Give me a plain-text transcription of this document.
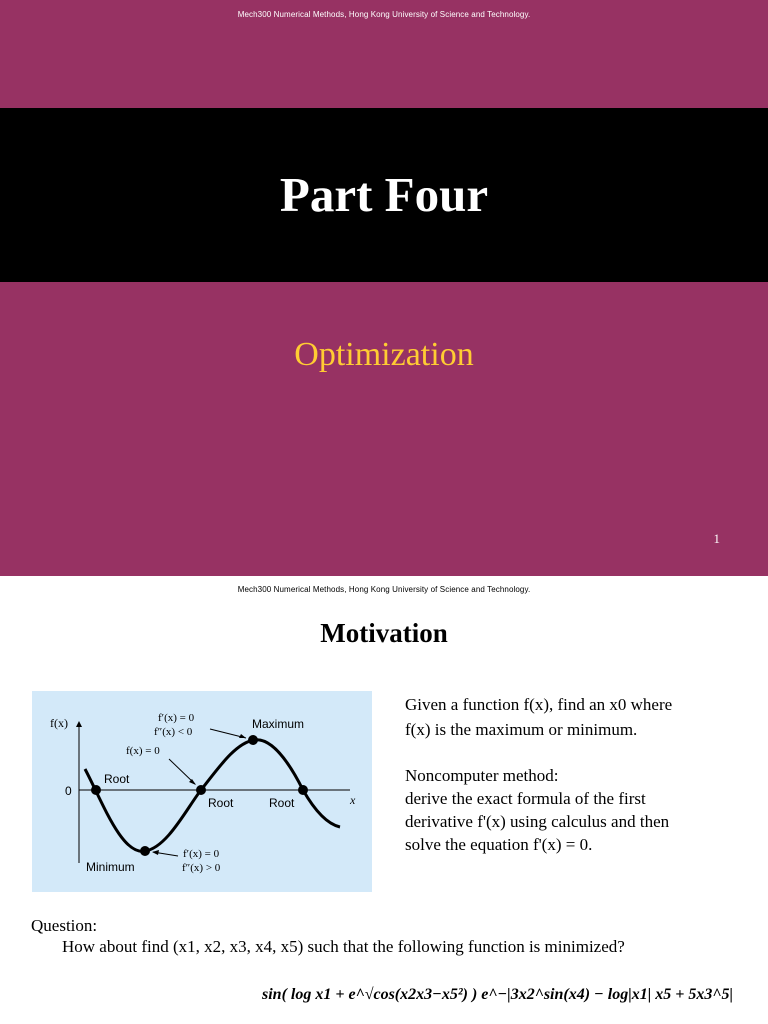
Mech300 Numerical Methods, Hong Kong University of Science and Technology.
Part Four
Optimization
1
Mech300 Numerical Methods, Hong Kong University of Science and Technology.
Motivation
f(x)
0
x
Root
Root	Root
Maximum
Minimum
f′(x) = 0
f″(x) < 0
f(x) = 0
f′(x) = 0
f″(x) > 0
Given a function f(x), find an x0 where
f(x) is the maximum or minimum.
Noncomputer method:
derive the exact formula of the first
derivative f'(x) using calculus and then
solve the equation f'(x) = 0.
Question:
How about find (x1, x2, x3, x4, x5) such that the following function is minimized?
sin( log x1 + e^√cos(x2x3−x5²) ) e^−|3x2^sin(x4) − log|x1| x5 + 5x3^5|
